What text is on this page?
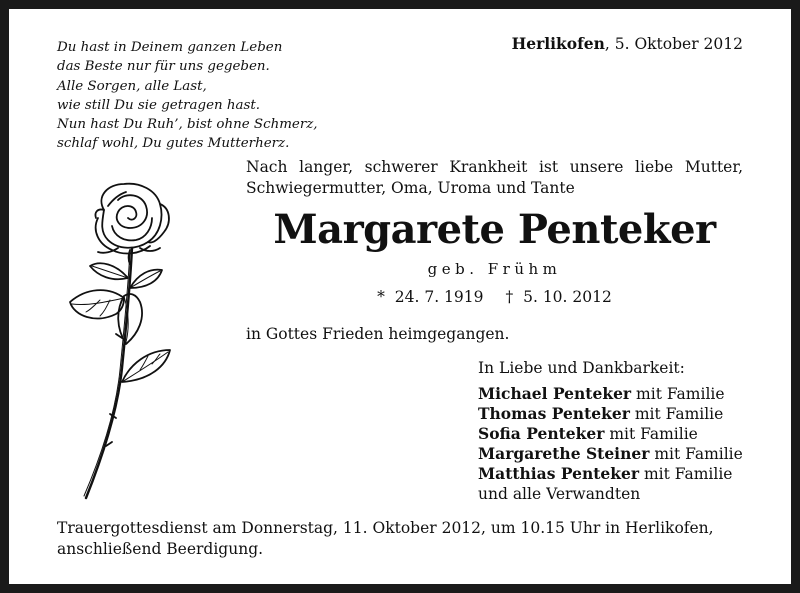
Du hast in Deinem ganzen Leben
das Beste nur für uns gegeben.
Alle Sorgen, alle Last,
wie still Du sie getragen hast.
Nun hast Du Ruh’, bist ohne Schmerz,
schlaf wohl, Du gutes Mutterherz.
Herlikofen, 5. Oktober 2012
Nach langer, schwerer Krankheit ist unsere liebe Mutter, Schwiegermutter, Oma, Uroma und Tante
Margarete Penteker
geb. Frühm
* 24. 7. 1919 † 5. 10. 2012
in Gottes Frieden heimgegangen.
In Liebe und Dankbarkeit:
Michael Penteker mit Familie
Thomas Penteker mit Familie
Sofia Penteker mit Familie
Margarethe Steiner mit Familie
Matthias Penteker mit Familie
und alle Verwandten
Trauergottesdienst am Donnerstag, 11. Oktober 2012, um 10.15 Uhr in Herlikofen,
anschließend Beerdigung.
